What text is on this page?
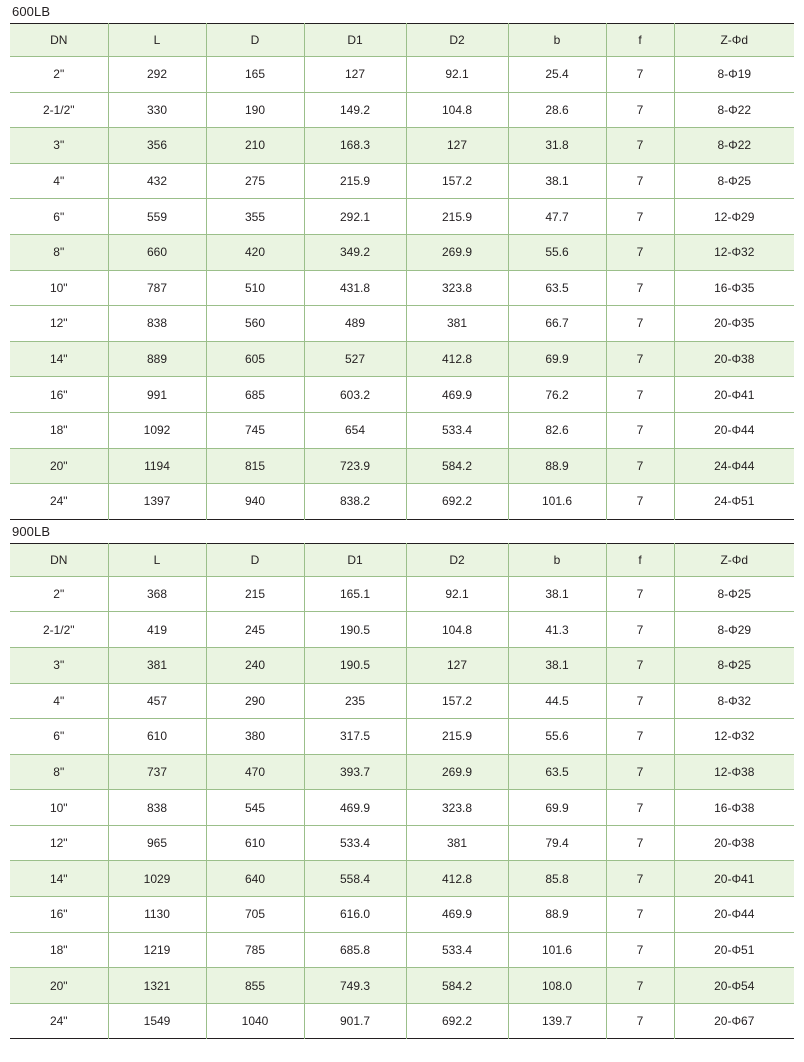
600LB
DN	L	D	D1	D2	b	f	Z-Φd
2"	292	165	127	92.1	25.4	7	8-Φ19
2-1/2"	330	190	149.2	104.8	28.6	7	8-Φ22
3"	356	210	168.3	127	31.8	7	8-Φ22
4"	432	275	215.9	157.2	38.1	7	8-Φ25
6"	559	355	292.1	215.9	47.7	7	12-Φ29
8"	660	420	349.2	269.9	55.6	7	12-Φ32
10"	787	510	431.8	323.8	63.5	7	16-Φ35
12"	838	560	489	381	66.7	7	20-Φ35
14"	889	605	527	412.8	69.9	7	20-Φ38
16"	991	685	603.2	469.9	76.2	7	20-Φ41
18"	1092	745	654	533.4	82.6	7	20-Φ44
20"	1194	815	723.9	584.2	88.9	7	24-Φ44
24"	1397	940	838.2	692.2	101.6	7	24-Φ51
900LB
DN	L	D	D1	D2	b	f	Z-Φd
2"	368	215	165.1	92.1	38.1	7	8-Φ25
2-1/2"	419	245	190.5	104.8	41.3	7	8-Φ29
3"	381	240	190.5	127	38.1	7	8-Φ25
4"	457	290	235	157.2	44.5	7	8-Φ32
6"	610	380	317.5	215.9	55.6	7	12-Φ32
8"	737	470	393.7	269.9	63.5	7	12-Φ38
10"	838	545	469.9	323.8	69.9	7	16-Φ38
12"	965	610	533.4	381	79.4	7	20-Φ38
14"	1029	640	558.4	412.8	85.8	7	20-Φ41
16"	1130	705	616.0	469.9	88.9	7	20-Φ44
18"	1219	785	685.8	533.4	101.6	7	20-Φ51
20"	1321	855	749.3	584.2	108.0	7	20-Φ54
24"	1549	1040	901.7	692.2	139.7	7	20-Φ67
